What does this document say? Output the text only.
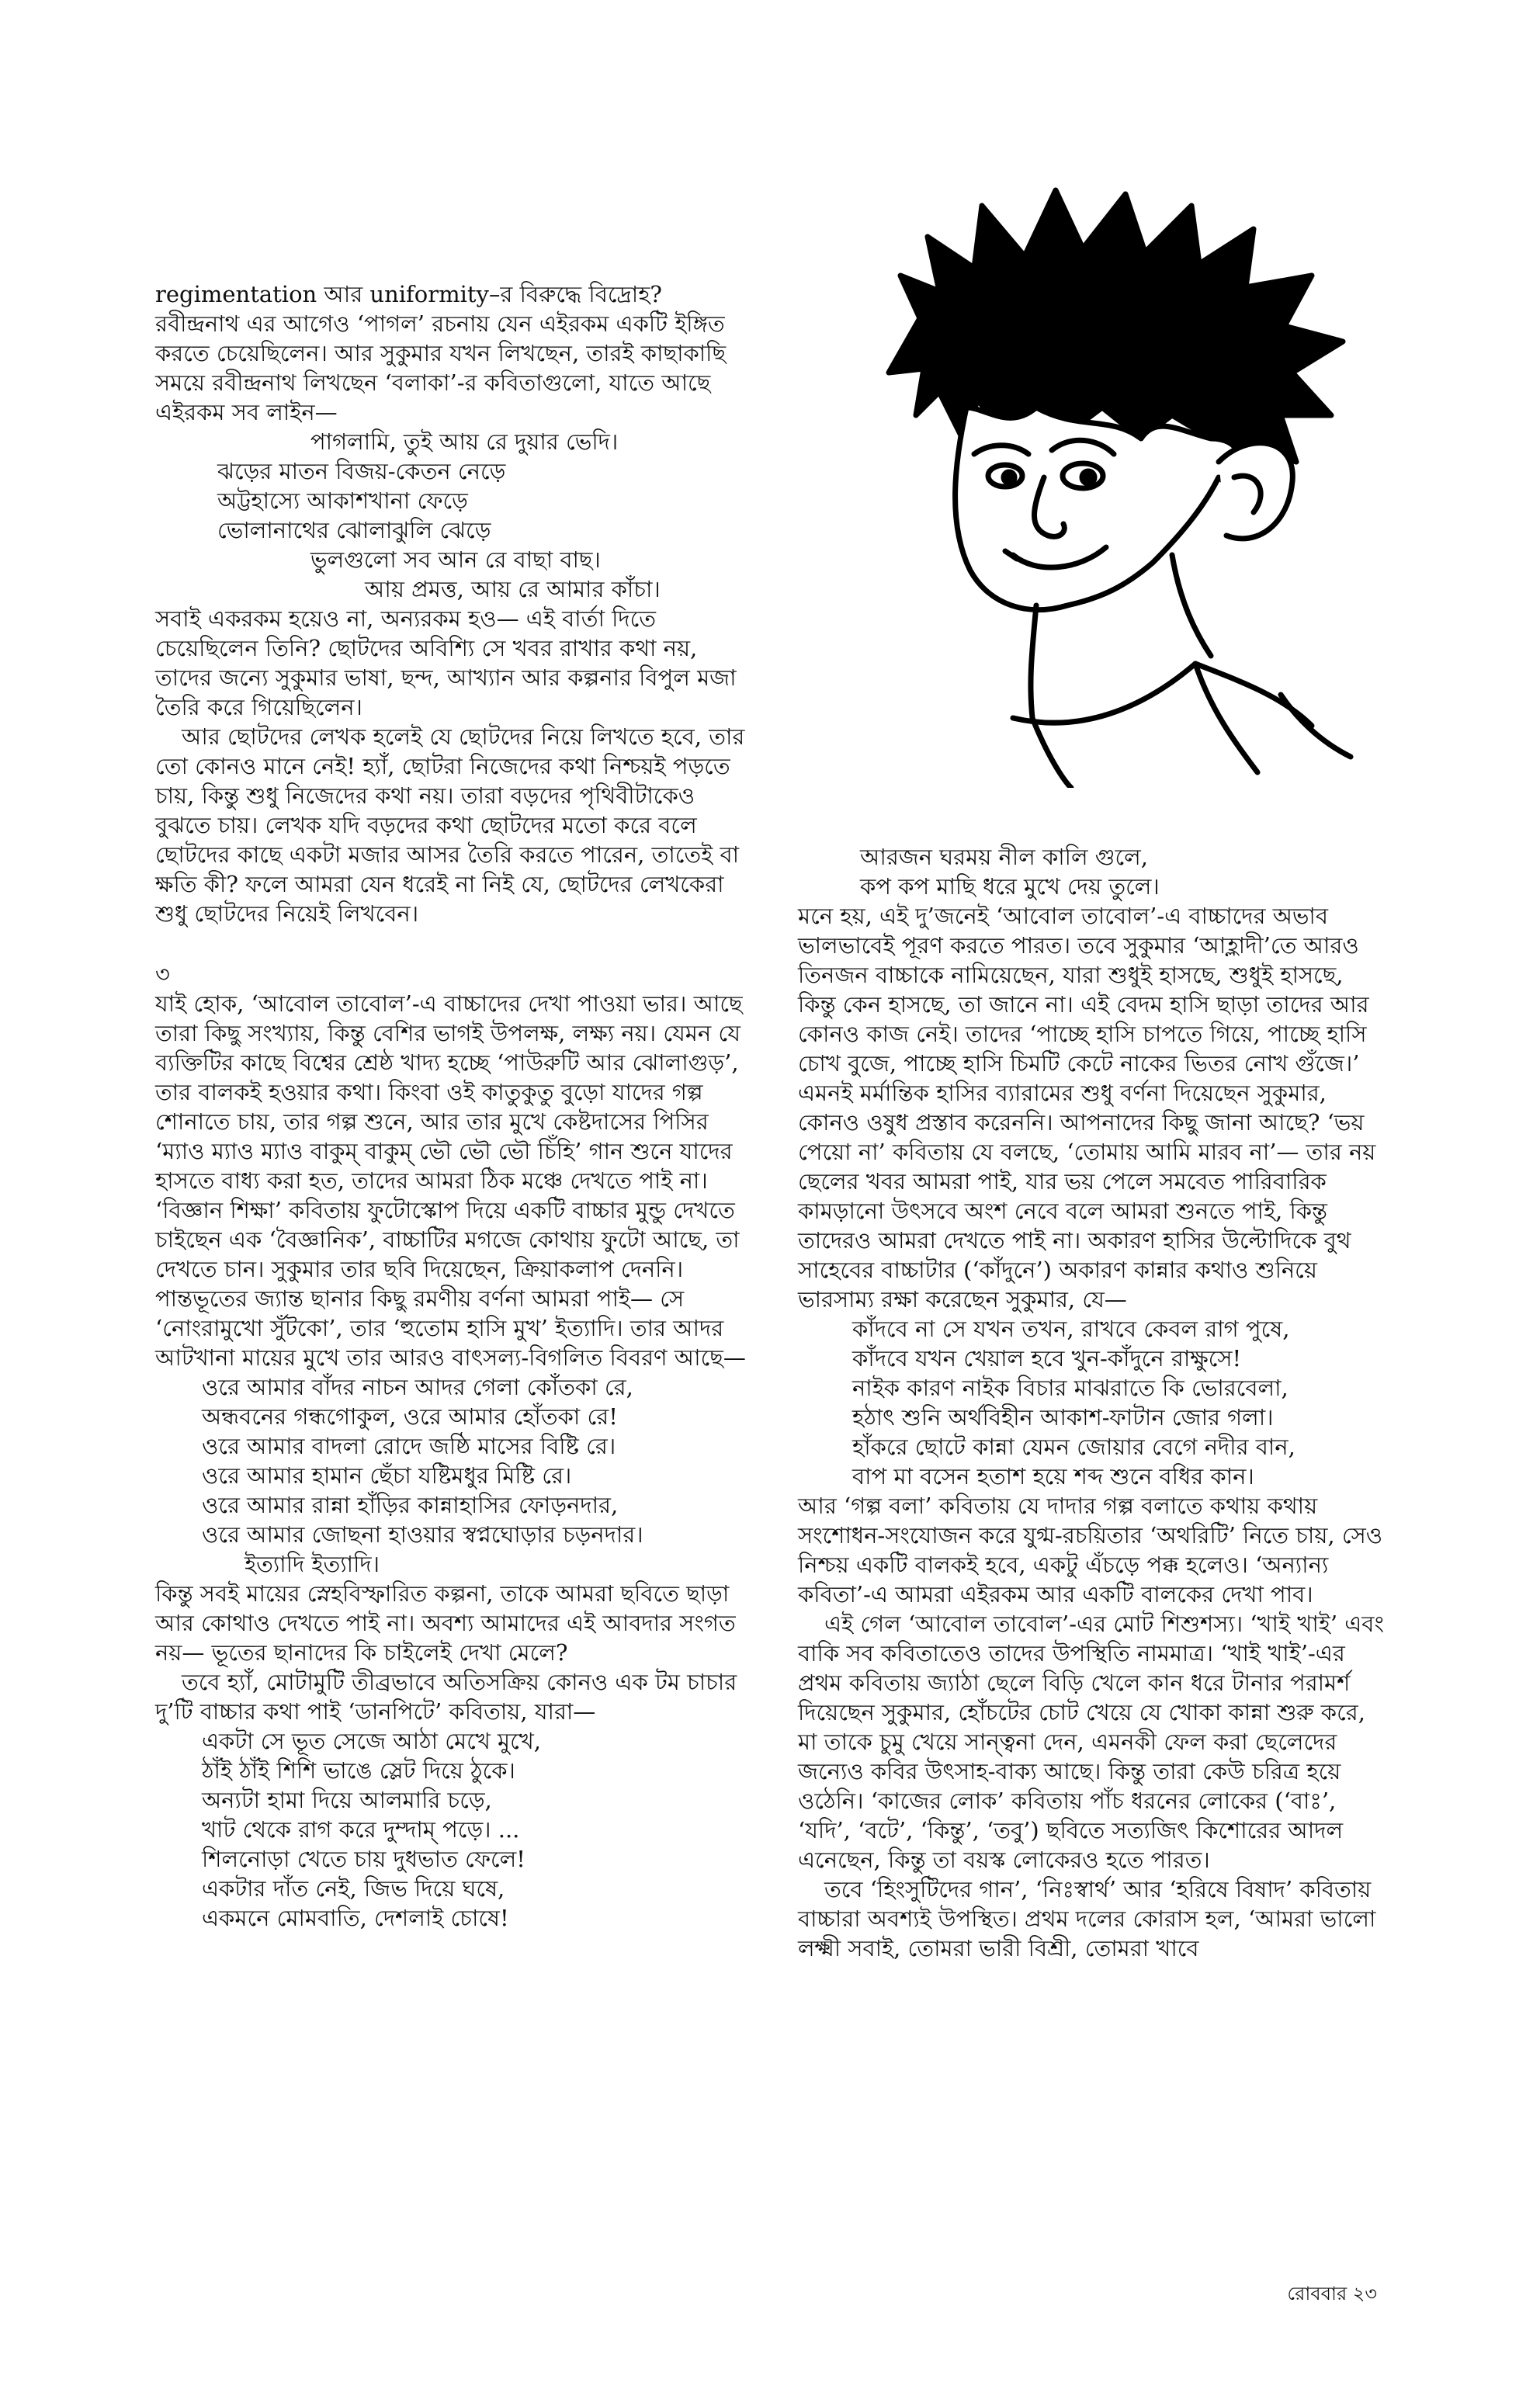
regimentation আর uniformity–র বিরুদ্ধে বিদ্রোহ? রবীন্দ্রনাথ এর আগেও ‘পাগল’ রচনায় যেন এইরকম একটি ইঙ্গিত করতে চেয়েছিলেন। আর সুকুমার যখন লিখছেন, তারই কাছাকাছি সময়ে রবীন্দ্রনাথ লিখছেন ‘বলাকা’-র কবিতাগুলো, যাতে আছে এইরকম সব লাইন—

পাগলামি, তুই আয় রে দুয়ার ভেদি।
ঝড়ের মাতন বিজয়-কেতন নেড়ে
অট্টহাস্যে আকাশখানা ফেড়ে
ভোলানাথের ঝোলাঝুলি ঝেড়ে
ভুলগুলো সব আন রে বাছা বাছ।
আয় প্রমত্ত, আয় রে আমার কাঁচা।

সবাই একরকম হয়েও না, অন্যরকম হও— এই বার্তা দিতে চেয়েছিলেন তিনি? ছোটদের অবিশ্যি সে খবর রাখার কথা নয়, তাদের জন্যে সুকুমার ভাষা, ছন্দ, আখ্যান আর কল্পনার বিপুল মজা তৈরি করে গিয়েছিলেন।

আর ছোটদের লেখক হলেই যে ছোটদের নিয়ে লিখতে হবে, তার তো কোনও মানে নেই! হ্যাঁ, ছোটরা নিজেদের কথা নিশ্চয়ই পড়তে চায়, কিন্তু শুধু নিজেদের কথা নয়। তারা বড়দের পৃথিবীটাকেও বুঝতে চায়। লেখক যদি বড়দের কথা ছোটদের মতো করে বলে ছোটদের কাছে একটা মজার আসর তৈরি করতে পারেন, তাতেই বা ক্ষতি কী? ফলে আমরা যেন ধরেই না নিই যে, ছোটদের লেখকেরা শুধু ছোটদের নিয়েই লিখবেন।

৩

যাই হোক, ‘আবোল তাবোল’-এ বাচ্চাদের দেখা পাওয়া ভার। আছে তারা কিছু সংখ্যায়, কিন্তু বেশির ভাগই উপলক্ষ, লক্ষ্য নয়। যেমন যে ব্যক্তিটির কাছে বিশ্বের শ্রেষ্ঠ খাদ্য হচ্ছে ‘পাউরুটি আর ঝোলাগুড়’, তার বালকই হওয়ার কথা। কিংবা ওই কাতুকুতু বুড়ো যাদের গল্প শোনাতে চায়, তার গল্প শুনে, আর তার মুখে কেষ্টদাসের পিসির ‘ম্যাও ম্যাও ম্যাও বাকুম্ বাকুম্ ভৌ ভৌ ভৌ চিঁহি’ গান শুনে যাদের হাসতে বাধ্য করা হত, তাদের আমরা ঠিক মঞ্চে দেখতে পাই না। ‘বিজ্ঞান শিক্ষা’ কবিতায় ফুটোস্কোপ দিয়ে একটি বাচ্চার মুন্ডু দেখতে চাইছেন এক ‘বৈজ্ঞানিক’, বাচ্চাটির মগজে কোথায় ফুটো আছে, তা দেখতে চান। সুকুমার তার ছবি দিয়েছেন, ক্রিয়াকলাপ দেননি। পান্তভূতের জ্যান্ত ছানার কিছু রমণীয় বর্ণনা আমরা পাই— সে ‘নোংরামুখো সুঁটকো’, তার ‘হুতোম হাসি মুখ’ ইত্যাদি। তার আদর আটখানা মায়ের মুখে তার আরও বাৎসল্য-বিগলিত বিবরণ আছে—

ওরে আমার বাঁদর নাচন আদর গেলা কোঁতকা রে,
অন্ধবনের গন্ধগোকুল, ওরে আমার হোঁতকা রে!
ওরে আমার বাদলা রোদে জষ্ঠি মাসের বিষ্টি রে।
ওরে আমার হামান ছেঁচা যষ্টিমধুর মিষ্টি রে।
ওরে আমার রান্না হাঁড়ির কান্নাহাসির ফোড়নদার,
ওরে আমার জোছনা হাওয়ার স্বপ্নঘোড়ার চড়নদার।
ইত্যাদি ইত্যাদি।

কিন্তু সবই মায়ের স্নেহবিস্ফারিত কল্পনা, তাকে আমরা ছবিতে ছাড়া আর কোথাও দেখতে পাই না। অবশ্য আমাদের এই আবদার সংগত নয়— ভূতের ছানাদের কি চাইলেই দেখা মেলে?

তবে হ্যাঁ, মোটামুটি তীব্রভাবে অতিসক্রিয় কোনও এক টম চাচার দু’টি বাচ্চার কথা পাই ‘ডানপিটে’ কবিতায়, যারা—

একটা সে ভূত সেজে আঠা মেখে মুখে,
ঠাঁই ঠাঁই শিশি ভাঙে স্লেট দিয়ে ঠুকে।
অন্যটা হামা দিয়ে আলমারি চড়ে,
খাট থেকে রাগ করে দুম্দাম্ পড়ে। ...
শিলনোড়া খেতে চায় দুধভাত ফেলে!
একটার দাঁত নেই, জিভ দিয়ে ঘষে,
একমনে মোমবাতি, দেশলাই চোষে!
আরজন ঘরময় নীল কালি গুলে,
কপ কপ মাছি ধরে মুখে দেয় তুলে।

মনে হয়, এই দু’জনেই ‘আবোল তাবোল’-এ বাচ্চাদের অভাব ভালভাবেই পূরণ করতে পারত। তবে সুকুমার ‘আহ্লাদী’তে আরও তিনজন বাচ্চাকে নামিয়েছেন, যারা শুধুই হাসছে, শুধুই হাসছে, কিন্তু কেন হাসছে, তা জানে না। এই বেদম হাসি ছাড়া তাদের আর কোনও কাজ নেই। তাদের ‘পাচ্ছে হাসি চাপতে গিয়ে, পাচ্ছে হাসি চোখ বুজে, পাচ্ছে হাসি চিমটি কেটে নাকের ভিতর নোখ গুঁজে।’ এমনই মর্মান্তিক হাসির ব্যারামের শুধু বর্ণনা দিয়েছেন সুকুমার, কোনও ওষুধ প্রস্তাব করেননি। আপনাদের কিছু জানা আছে? ‘ভয় পেয়ো না’ কবিতায় যে বলছে, ‘তোমায় আমি মারব না’— তার নয় ছেলের খবর আমরা পাই, যার ভয় পেলে সমবেত পারিবারিক কামড়ানো উৎসবে অংশ নেবে বলে আমরা শুনতে পাই, কিন্তু তাদেরও আমরা দেখতে পাই না। অকারণ হাসির উল্টোদিকে বুথ সাহেবের বাচ্চাটার (‘কাঁদুনে’) অকারণ কান্নার কথাও শুনিয়ে ভারসাম্য রক্ষা করেছেন সুকুমার, যে—

কাঁদবে না সে যখন তখন, রাখবে কেবল রাগ পুষে,
কাঁদবে যখন খেয়াল হবে খুন-কাঁদুনে রাক্ষুসে!
নাইক কারণ নাইক বিচার মাঝরাতে কি ভোরবেলা,
হঠাৎ শুনি অর্থবিহীন আকাশ-ফাটান জোর গলা।
হাঁকরে ছোটে কান্না যেমন জোয়ার বেগে নদীর বান,
বাপ মা বসেন হতাশ হয়ে শব্দ শুনে বধির কান।

আর ‘গল্প বলা’ কবিতায় যে দাদার গল্প বলাতে কথায় কথায় সংশোধন-সংযোজন করে যুগ্ম-রচয়িতার ‘অথরিটি’ নিতে চায়, সেও নিশ্চয় একটি বালকই হবে, একটু এঁচড়ে পক্ক হলেও। ‘অন্যান্য কবিতা’-এ আমরা এইরকম আর একটি বালকের দেখা পাব।

এই গেল ‘আবোল তাবোল’-এর মোট শিশুশস্য। ‘খাই খাই’ এবং বাকি সব কবিতাতেও তাদের উপস্থিতি নামমাত্র। ‘খাই খাই’-এর প্রথম কবিতায় জ্যাঠা ছেলে বিড়ি খেলে কান ধরে টানার পরামর্শ দিয়েছেন সুকুমার, হোঁচটের চোট খেয়ে যে খোকা কান্না শুরু করে, মা তাকে চুমু খেয়ে সান্ত্বনা দেন, এমনকী ফেল করা ছেলেদের জন্যেও কবির উৎসাহ-বাক্য আছে। কিন্তু তারা কেউ চরিত্র হয়ে ওঠেনি। ‘কাজের লোক’ কবিতায় পাঁচ ধরনের লোকের (‘বাঃ’, ‘যদি’, ‘বটে’, ‘কিন্তু’, ‘তবু’) ছবিতে সত্যজিৎ কিশোরের আদল এনেছেন, কিন্তু তা বয়স্ক লোকেরও হতে পারত।

তবে ‘হিংসুটিদের গান’, ‘নিঃস্বার্থ’ আর ‘হরিষে বিষাদ’ কবিতায় বাচ্চারা অবশ্যই উপস্থিত। প্রথম দলের কোরাস হল, ‘আমরা ভালো লক্ষ্মী সবাই, তোমরা ভারী বিশ্রী, তোমরা খাবে

রোববার ২৩
